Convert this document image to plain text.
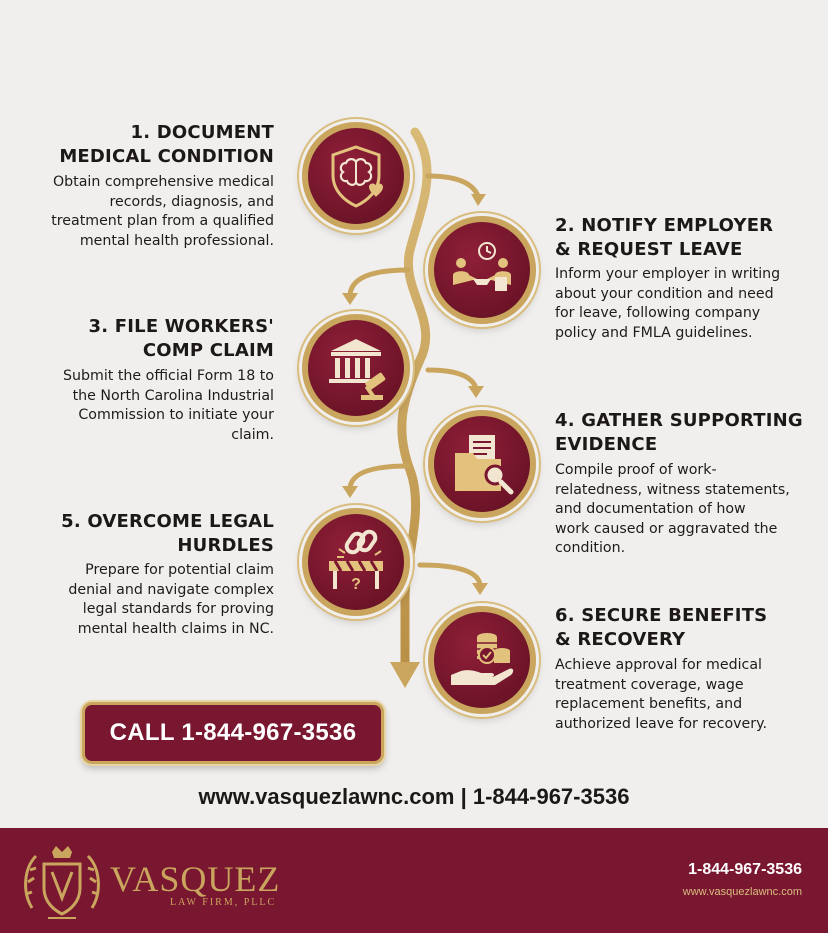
1. DOCUMENT
MEDICAL CONDITION
Obtain comprehensive medical
records, diagnosis, and
treatment plan from a qualified
mental health professional.
2. NOTIFY EMPLOYER
& REQUEST LEAVE
Inform your employer in writing
about your condition and need
for leave, following company
policy and FMLA guidelines.
3. FILE WORKERS'
COMP CLAIM
Submit the official Form 18 to
the North Carolina Industrial
Commission to initiate your
claim.
4. GATHER SUPPORTING
EVIDENCE
Compile proof of work-
relatedness, witness statements,
and documentation of how
work caused or aggravated the
condition.
?
5. OVERCOME LEGAL
HURDLES
Prepare for potential claim
denial and navigate complex
legal standards for proving
mental health claims in NC.
6. SECURE BENEFITS
& RECOVERY
Achieve approval for medical
treatment coverage, wage
replacement benefits, and
authorized leave for recovery.
CALL 1-844-967-3536
www.vasquezlawnc.com | 1-844-967-3536
VASQUEZ
LAW FIRM, PLLC
1-844-967-3536
www.vasquezlawnc.com
